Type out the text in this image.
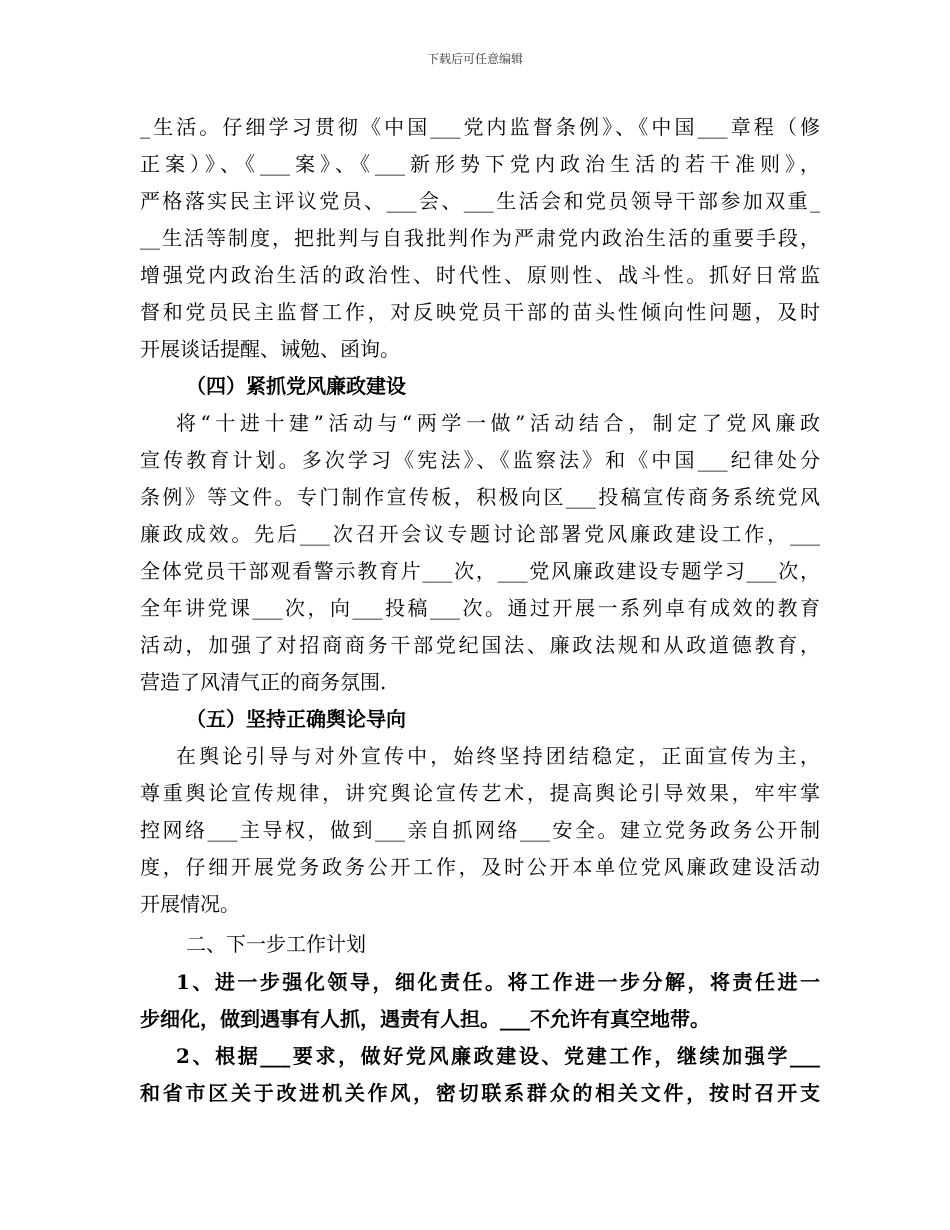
下载后可任意编辑
_生活。仔细学习贯彻《中国___党内监督条例》、《中国___章程（修
正案）》、《___案》、《___新形势下党内政治生活的若干准则》，
严格落实民主评议党员、___会、___生活会和党员领导干部参加双重_
__生活等制度，把批判与自我批判作为严肃党内政治生活的重要手段，
增强党内政治生活的政治性、时代性、原则性、战斗性。抓好日常监
督和党员民主监督工作，对反映党员干部的苗头性倾向性问题，及时
开展谈话提醒、诫勉、函询。
（四）紧抓党风廉政建设
将“十进十建”活动与“两学一做”活动结合，制定了党风廉政
宣传教育计划。多次学习《宪法》、《监察法》和《中国___纪律处分
条例》等文件。专门制作宣传板，积极向区___投稿宣传商务系统党风
廉政成效。先后___次召开会议专题讨论部署党风廉政建设工作，___
全体党员干部观看警示教育片___次，___党风廉政建设专题学习___次，
全年讲党课___次，向___投稿___次。通过开展一系列卓有成效的教育
活动，加强了对招商商务干部党纪国法、廉政法规和从政道德教育，
营造了风清气正的商务氛围.
（五）坚持正确舆论导向
在舆论引导与对外宣传中，始终坚持团结稳定，正面宣传为主，
尊重舆论宣传规律，讲究舆论宣传艺术，提高舆论引导效果，牢牢掌
控网络___主导权，做到___亲自抓网络___安全。建立党务政务公开制
度，仔细开展党务政务公开工作，及时公开本单位党风廉政建设活动
开展情况。
二、下一步工作计划
1、进一步强化领导，细化责任。将工作进一步分解，将责任进一
步细化，做到遇事有人抓，遇责有人担。___不允许有真空地带。
2、根据___要求，做好党风廉政建设、党建工作，继续加强学___
和省市区关于改进机关作风，密切联系群众的相关文件，按时召开支
